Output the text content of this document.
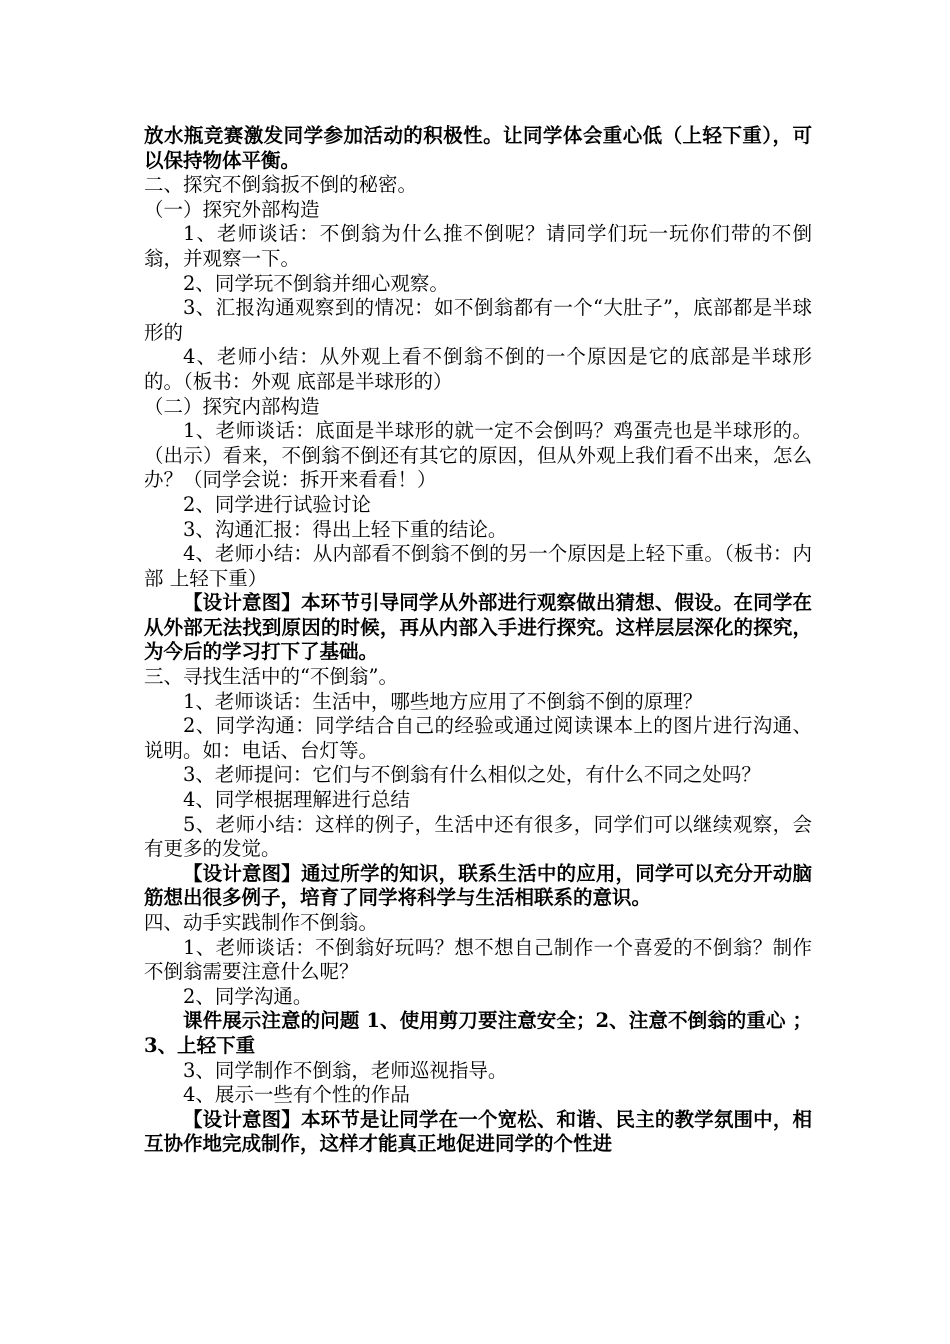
放水瓶竞赛激发同学参加活动的积极性。让同学体会重心低（上轻下重），可以保持物体平衡。

二、探究不倒翁扳不倒的秘密。

（一）探究外部构造

1、老师谈话：不倒翁为什么推不倒呢？请同学们玩一玩你们带的不倒翁，并观察一下。

2、同学玩不倒翁并细心观察。

3、汇报沟通观察到的情况：如不倒翁都有一个“大肚子”，底部都是半球形的

4、老师小结：从外观上看不倒翁不倒的一个原因是它的底部是半球形的。（板书：外观 底部是半球形的）

（二）探究内部构造

1、老师谈话：底面是半球形的就一定不会倒吗？鸡蛋壳也是半球形的。（出示）看来，不倒翁不倒还有其它的原因，但从外观上我们看不出来，怎么办？（同学会说：拆开来看看！）

2、同学进行试验讨论

3、沟通汇报：得出上轻下重的结论。

4、老师小结：从内部看不倒翁不倒的另一个原因是上轻下重。（板书：内部 上轻下重）

【设计意图】本环节引导同学从外部进行观察做出猜想、假设。在同学在从外部无法找到原因的时候，再从内部入手进行探究。这样层层深化的探究，为今后的学习打下了基础。

三、寻找生活中的“不倒翁”。

1、老师谈话：生活中，哪些地方应用了不倒翁不倒的原理？

2、同学沟通：同学结合自己的经验或通过阅读课本上的图片进行沟通、说明。如：电话、台灯等。

3、老师提问：它们与不倒翁有什么相似之处，有什么不同之处吗？

4、同学根据理解进行总结

5、老师小结：这样的例子，生活中还有很多，同学们可以继续观察，会有更多的发觉。

【设计意图】通过所学的知识，联系生活中的应用，同学可以充分开动脑筋想出很多例子，培育了同学将科学与生活相联系的意识。

四、动手实践制作不倒翁。

1、老师谈话：不倒翁好玩吗？想不想自己制作一个喜爱的不倒翁？制作不倒翁需要注意什么呢？

2、同学沟通。

课件展示注意的问题 1、使用剪刀要注意安全；2、注意不倒翁的重心 ；3、上轻下重

3、同学制作不倒翁，老师巡视指导。

4、展示一些有个性的作品

【设计意图】本环节是让同学在一个宽松、和谐、民主的教学氛围中，相互协作地完成制作，这样才能真正地促进同学的个性进
